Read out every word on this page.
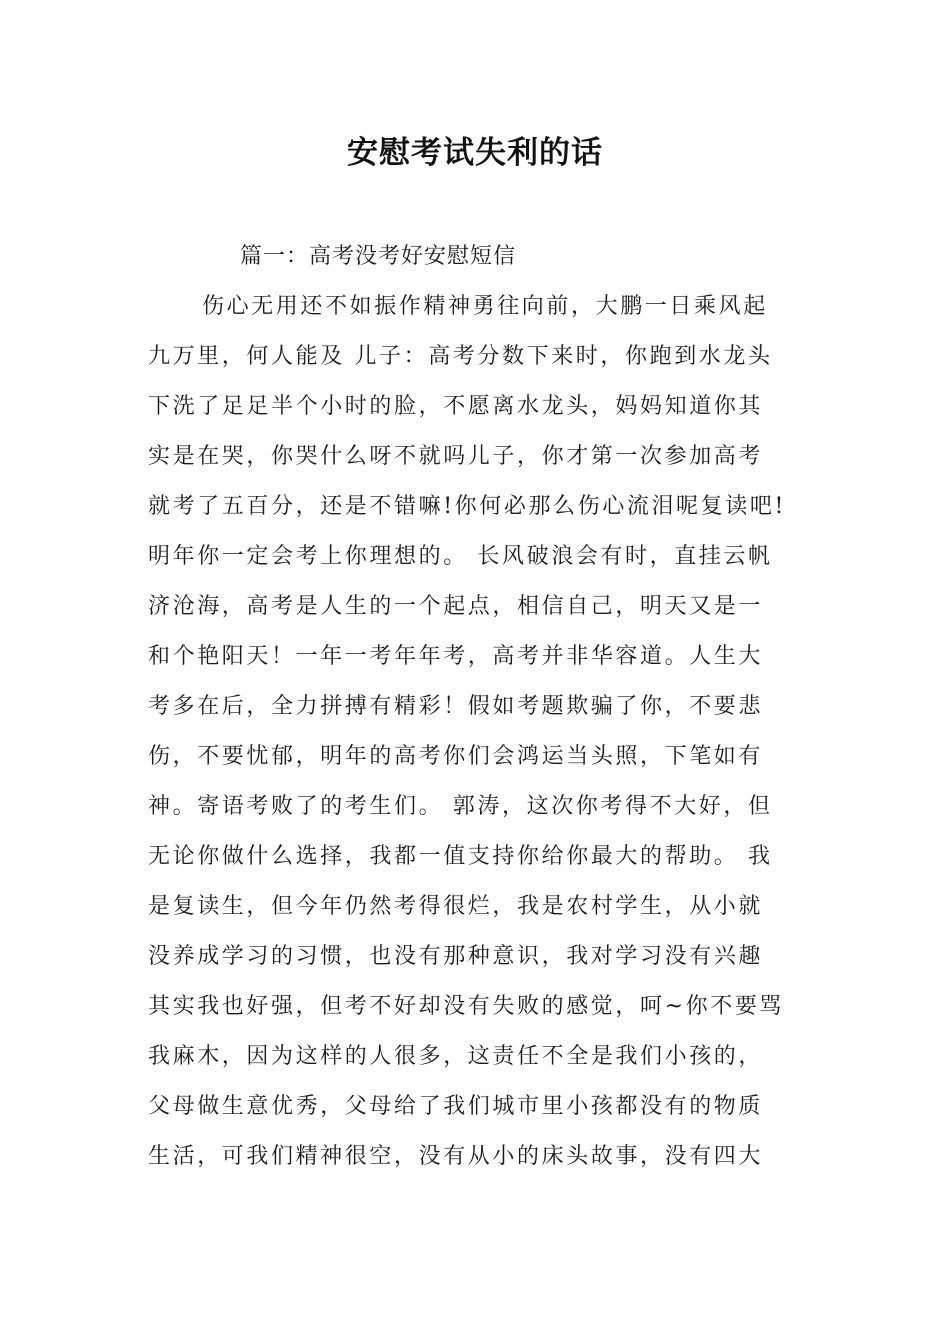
安慰考试失利的话
篇一：高考没考好安慰短信
伤心无用还不如振作精神勇往向前，大鹏一日乘风起
九万里，何人能及 儿子：高考分数下来时，你跑到水龙头
下洗了足足半个小时的脸，不愿离水龙头，妈妈知道你其
实是在哭，你哭什么呀不就吗儿子，你才第一次参加高考
就考了五百分，还是不错嘛!你何必那么伤心流泪呢复读吧!
明年你一定会考上你理想的。 长风破浪会有时，直挂云帆
济沧海，高考是人生的一个起点，相信自己，明天又是一
和个艳阳天！一年一考年年考，高考并非华容道。人生大
考多在后，全力拼搏有精彩！假如考题欺骗了你，不要悲
伤，不要忧郁，明年的高考你们会鸿运当头照，下笔如有
神。寄语考败了的考生们。 郭涛，这次你考得不大好，但
无论你做什么选择，我都一值支持你给你最大的帮助。 我
是复读生，但今年仍然考得很烂，我是农村学生，从小就
没养成学习的习惯，也没有那种意识，我对学习没有兴趣
其实我也好强，但考不好却没有失败的感觉，呵~你不要骂
我麻木，因为这样的人很多，这责任不全是我们小孩的，
父母做生意优秀，父母给了我们城市里小孩都没有的物质
生活，可我们精神很空，没有从小的床头故事，没有四大
